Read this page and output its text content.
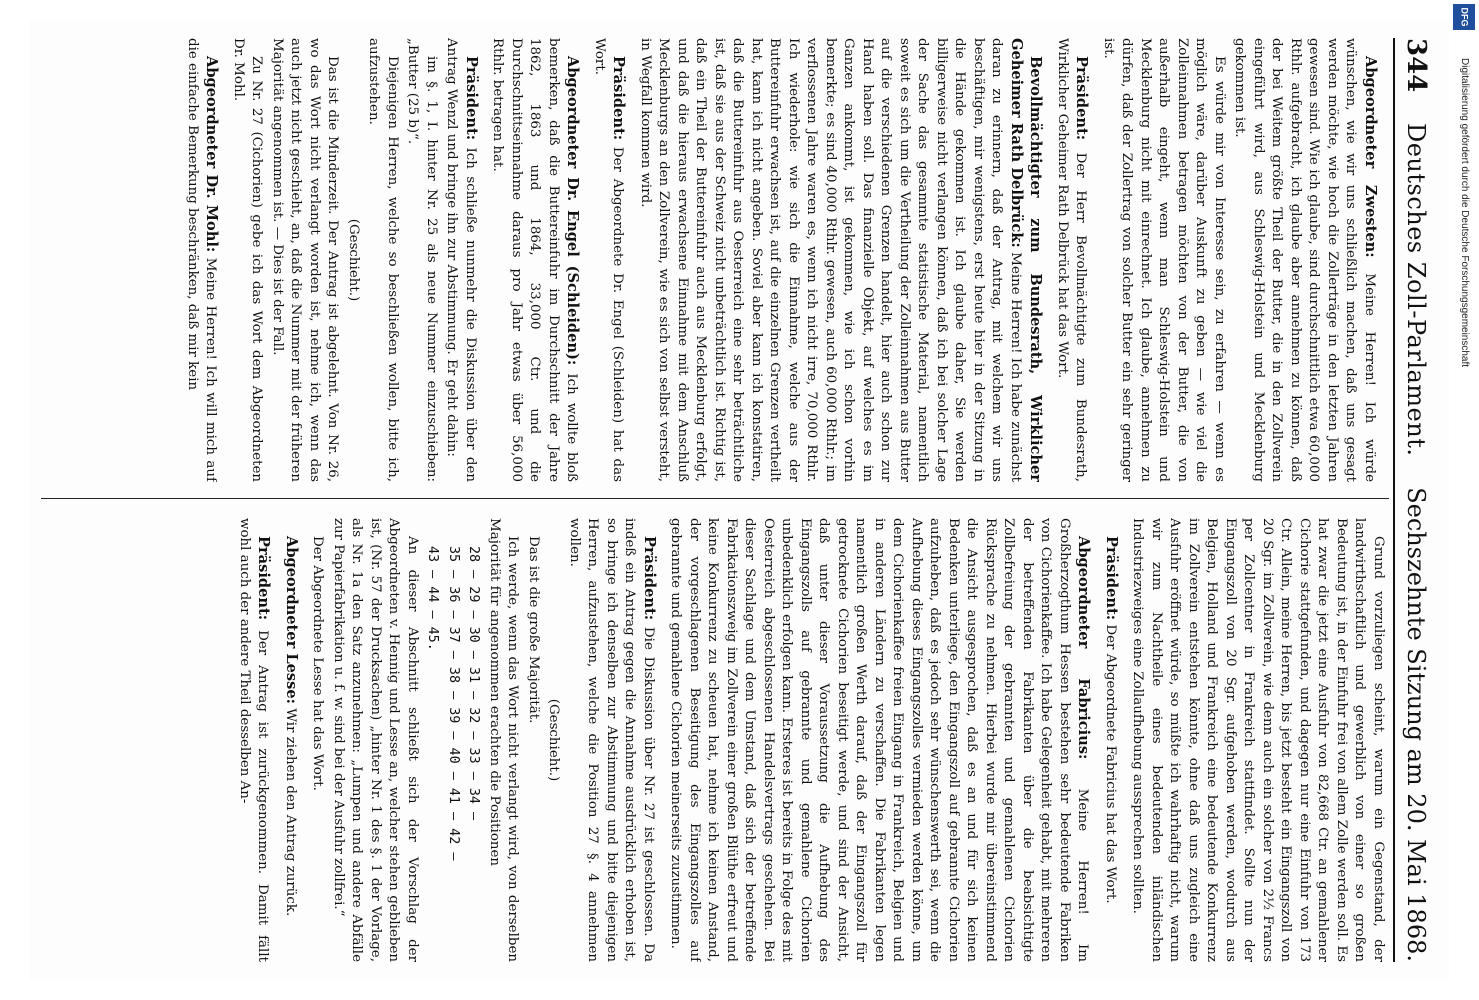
344
Deutsches Zoll-Parlament.
Sechszehnte Sitzung am 20. Mai 1868.

Abgeordneter Zwesten: Meine Herren! Ich würde wünschen, wie wir uns schließlich machen, daß uns gesagt werden möchte, wie hoch die Zollerträge in den letzten Jahren gewesen sind. Wie ich glaube, sind durchschnittlich etwa 60,000 Rthlr. aufgebracht, ich glaube aber annehmen zu können, daß der bei Weitem größte Theil der Butter, die in den Zollverein eingeführt wird, aus Schleswig-Holstein und Mecklenburg gekommen ist.

Es würde mir von Interesse sein, zu erfahren — wenn es möglich wäre, darüber Auskunft zu geben — wie viel die Zolleinnahmen betragen möchten von der Butter, die von außerhalb eingeht, wenn man Schleswig-Holstein und Mecklenburg nicht mit einrechnet. Ich glaube, annehmen zu dürfen, daß der Zollertrag von solcher Butter ein sehr geringer ist.

Präsident: Der Herr Bevollmächtigte zum Bundesrath, Wirklicher Geheimer Rath Delbrück hat das Wort.

Bevollmächtigter zum Bundesrath, Wirklicher Geheimer Rath Delbrück: Meine Herren! Ich habe zunächst daran zu erinnern, daß der Antrag, mit welchem wir uns beschäftigen, mir wenigstens, erst heute hier in der Sitzung in die Hände gekommen ist. Ich glaube daher, Sie werden billigerweise nicht verlangen können, daß ich bei solcher Lage der Sache das gesammte statistische Material, namentlich soweit es sich um die Vertheilung der Zolleinnahmen aus Butter auf die verschiedenen Grenzen handelt, hier auch schon zur Hand haben soll. Das finanzielle Objekt, auf welches es im Ganzen ankommt, ist gekommen, wie ich schon vorhin bemerkte; es sind 40,000 Rthlr. gewesen, auch 60,000 Rthlr.; im verflossenen Jahre waren es, wenn ich nicht irre, 70,000 Rthlr. Ich wiederhole: wie sich die Einnahme, welche aus der Buttereinfuhr erwachsen ist, auf die einzelnen Grenzen vertheilt hat, kann ich nicht angeben. Soviel aber kann ich konstatiren, daß die Buttereinfuhr aus Oesterreich eine sehr beträchtliche ist, daß sie aus der Schweiz nicht unbeträchtlich ist. Richtig ist, daß ein Theil der Buttereinfuhr auch aus Mecklenburg erfolgt, und daß die hieraus erwachsene Einnahme mit dem Anschluß Mecklenburgs an den Zollverein, wie es sich von selbst versteht, in Wegfall kommen wird.

Präsident: Der Abgeordnete Dr. Engel (Schleiden) hat das Wort.

Abgeordneter Dr. Engel (Schleiden): Ich wollte bloß bemerken, daß die Buttereinfuhr im Durchschnitt der Jahre 1862, 1863 und 1864, 33,000 Ctr. und die Durchschnittseinnahme daraus pro Jahr etwas über 56,000 Rthlr. betragen hat.

Präsident: Ich schließe nunmehr die Diskussion über den Antrag Wenzl und bringe ihn zur Abstimmung. Er geht dahin:

im §. 1, I. hinter Nr. 25 als neue Nummer einzuschieben: „Butter (25 b)“.

Diejenigen Herren, welche so beschließen wollen, bitte ich, aufzustehen.

(Geschieht.)

Das ist die Minderzeit. Der Antrag ist abgelehnt. Von Nr. 26, wo das Wort nicht verlangt worden ist, nehme ich, wenn das auch jetzt nicht geschieht, an, daß die Nummer mit der früheren Majorität angenommen ist. — Dies ist der Fall.

Zu Nr. 27 (Cichorien) gebe ich das Wort dem Abgeordneten Dr. Mohl.

Abgeordneter Dr. Mohl: Meine Herren! Ich will mich auf die einfache Bemerkung beschränken, daß mir kein

Grund vorzuliegen scheint, warum ein Gegenstand, der landwirthschaftlich und gewerblich von einer so großen Bedeutung ist, in der Einfuhr frei von allem Zolle werden soll. Es hat zwar die jetzt eine Ausfuhr von 82,668 Ctr. an gemahlener Cichorie stattgefunden, und dagegen nur eine Einfuhr von 173 Ctr. Allein, meine Herren, bis jetzt besteht ein Eingangszoll von 20 Sgr. im Zollverein, wie denn auch ein solcher von 2½ Francs per Zollcentner in Frankreich stattfindet. Sollte nun der Eingangszoll von 20 Sgr. aufgehoben werden, wodurch aus Belgien, Holland und Frankreich eine bedeutende Konkurrenz im Zollverein entstehen könnte, ohne daß uns zugleich eine Ausfuhr eröffnet würde, so müßte ich wahrhaftig nicht, warum wir zum Nachtheile eines bedeutenden inländischen Industriezweiges eine Zollaufhebung aussprechen sollten.

Präsident: Der Abgeordnete Fabricius hat das Wort.

Abgeordneter Fabricius: Meine Herren! Im Großherzogthum Hessen bestehen sehr bedeutende Fabriken von Cichorienkaffee. Ich habe Gelegenheit gehabt, mit mehreren der betreffenden Fabrikanten über die beabsichtigte Zollbefreiung der gebrannten und gemahlenen Cichorien Rücksprache zu nehmen. Hierbei wurde mir übereinstimmend die Ansicht ausgesprochen, daß es an und für sich keinen Bedenken unterliege, den Eingangszoll auf gebrannte Cichorien aufzuheben, daß es jedoch sehr wünschenswerth sei, wenn die Aufhebung dieses Eingangszolles vermieden werden könne, um dem Cichorienkaffee freien Eingang in Frankreich, Belgien und in anderen Ländern zu verschaffen. Die Fabrikanten legen namentlich großen Werth darauf, daß der Eingangszoll für getrocknete Cichorien beseitigt werde, und sind der Ansicht, daß unter dieser Voraussetzung die Aufhebung des Eingangszolls auf gebrannte und gemahlene Cichorien unbedenklich erfolgen kann. Ersteres ist bereits in Folge des mit Oesterreich abgeschlossenen Handelsvertrags geschehen. Bei dieser Sachlage und dem Umstand, daß sich der betreffende Fabrikationszweig im Zollverein einer großen Blüthe erfreut und keine Konkurrenz zu scheuen hat, nehme ich keinen Anstand, der vorgeschlagenen Beseitigung des Eingangszolles auf gebrannte und gemahlene Cichorien meinerseits zuzustimmen.

Präsident: Die Diskussion über Nr. 27 ist geschlossen. Da indeß ein Antrag gegen die Annahme ausdrücklich erhoben ist, so bringe ich denselben zur Abstimmung und bitte diejenigen Herren, aufzustehen, welche die Position 27 §. 4 annehmen wollen.

(Geschieht.)

Das ist die große Majorität.

Ich werde, wenn das Wort nicht verlangt wird, von derselben Majorität für angenommen erachten die Positionen

28 — 29 — 30 — 31 — 32 — 33 — 34 —

35 — 36 — 37 — 38 — 39 — 40 — 41 — 42 —

43 — 44 — 45.

An dieser Abschnitt schließt sich der Vorschlag der Abgeordneten v. Hennig und Lesse an, welcher stehen geblieben ist, (Nr. 57 der Drucksachen) „hinter Nr. 1 des §. 1 der Vorlage, als Nr. 1a den Satz anzunehmen: „Lumpen und andere Abfälle zur Papierfabrikation u. f. w. sind bei der Ausfuhr zollfrei.“

Der Abgeordnete Lesse hat das Wort.

Abgeordneter Lesse: Wir ziehen den Antrag zurück.

Präsident: Der Antrag ist zurückgenommen. Damit fällt wohl auch der andere Theil desselben An-

DFG
Digitalisierung gefördert durch die Deutsche Forschungsgemeinschaft
